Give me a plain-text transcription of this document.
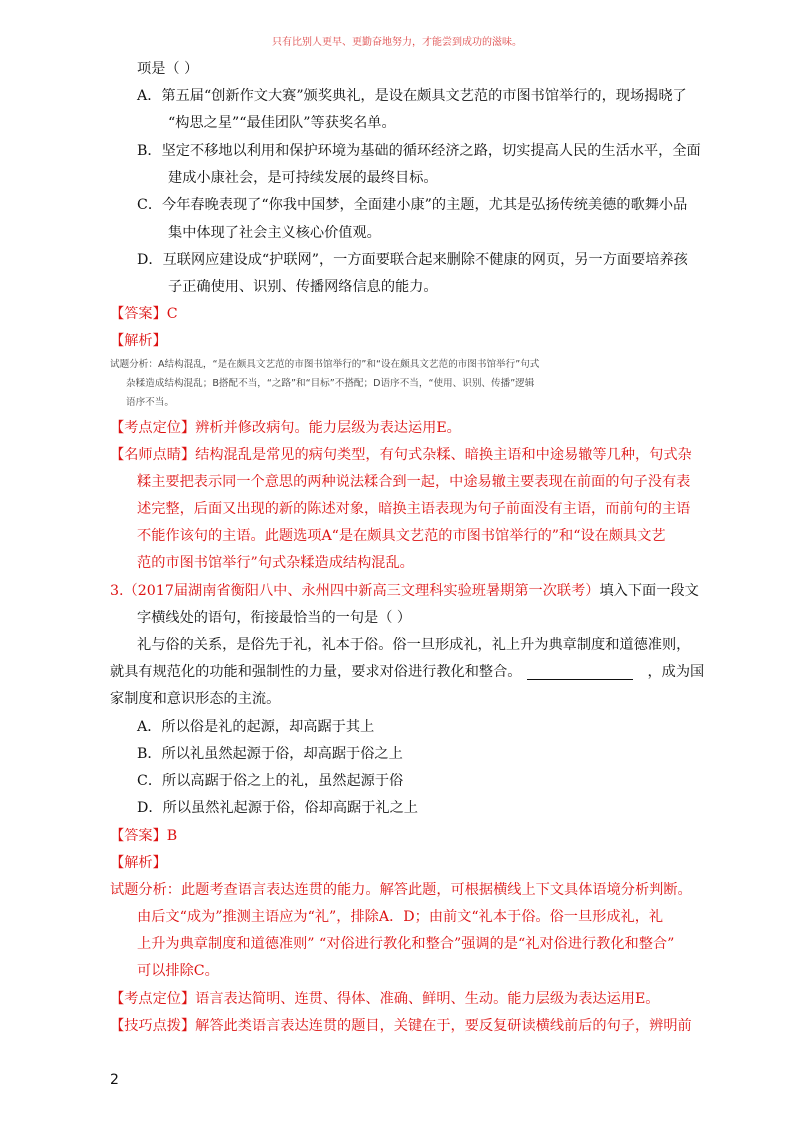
只有比别人更早、更勤奋地努力，才能尝到成功的滋味。
项是（ ）
A．第五届“创新作文大赛”颁奖典礼，是设在颇具文艺范的市图书馆举行的，现场揭晓了
“构思之星”“最佳团队”等获奖名单。
B．坚定不移地以利用和保护环境为基础的循环经济之路，切实提高人民的生活水平，全面
建成小康社会，是可持续发展的最终目标。
C．今年春晚表现了“你我中国梦，全面建小康”的主题，尤其是弘扬传统美德的歌舞小品
集中体现了社会主义核心价值观。
D．互联网应建设成“护联网”，一方面要联合起来删除不健康的网页，另一方面要培养孩
子正确使用、识别、传播网络信息的能力。
【答案】C
【解析】
试题分析：A结构混乱，“是在颇具文艺范的市图书馆举行的”和“设在颇具文艺范的市图书馆举行”句式
杂糅造成结构混乱；B搭配不当，“之路”和“目标”不搭配；D语序不当，“使用、识别、传播”逻辑
语序不当。
【考点定位】辨析并修改病句。能力层级为表达运用E。
【名师点睛】结构混乱是常见的病句类型，有句式杂糅、暗换主语和中途易辙等几种，句式杂
糅主要把表示同一个意思的两种说法糅合到一起，中途易辙主要表现在前面的句子没有表
述完整，后面又出现的新的陈述对象，暗换主语表现为句子前面没有主语，而前句的主语
不能作该句的主语。此题选项A“是在颇具文艺范的市图书馆举行的”和“设在颇具文艺
范的市图书馆举行”句式杂糅造成结构混乱。
3.（2017届湖南省衡阳八中、永州四中新高三文理科实验班暑期第一次联考）填入下面一段文
字横线处的语句，衔接最恰当的一句是（ ）
礼与俗的关系，是俗先于礼，礼本于俗。俗一旦形成礼，礼上升为典章制度和道德准则，
就具有规范化的功能和强制性的力量，要求对俗进行教化和整合。	，成为国
家制度和意识形态的主流。
A．所以俗是礼的起源，却高踞于其上
B．所以礼虽然起源于俗，却高踞于俗之上
C．所以高踞于俗之上的礼，虽然起源于俗
D．所以虽然礼起源于俗，俗却高踞于礼之上
【答案】B
【解析】
试题分析：此题考查语言表达连贯的能力。解答此题，可根据横线上下文具体语境分析判断。
由后文“成为”推测主语应为“礼”，排除A．D；由前文“礼本于俗。俗一旦形成礼，礼
上升为典章制度和道德准则” “对俗进行教化和整合”强调的是“礼对俗进行教化和整合”
可以排除C。
【考点定位】语言表达简明、连贯、得体、准确、鲜明、生动。能力层级为表达运用E。
【技巧点拨】解答此类语言表达连贯的题目，关键在于，要反复研读横线前后的句子，辨明前
2
